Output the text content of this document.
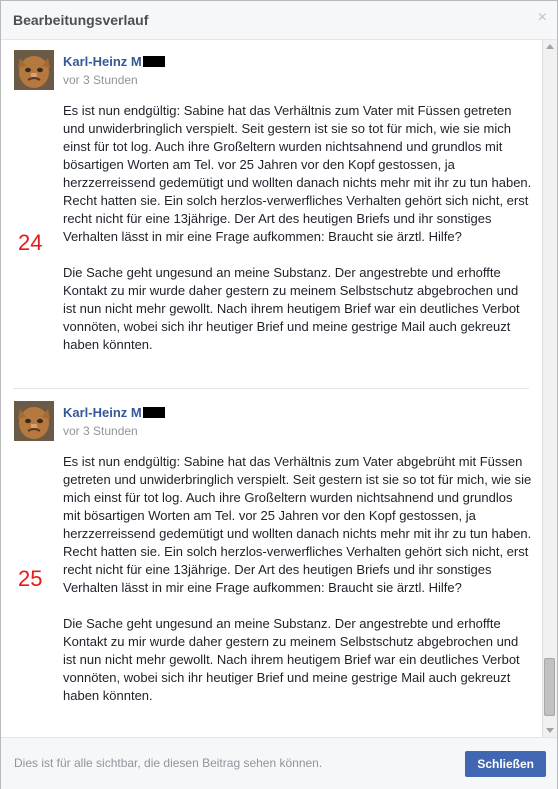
Bearbeitungsverlauf	×
Karl-Heinz M
vor 3 Stunden
24

Es ist nun endgültig: Sabine hat das Verhältnis zum Vater mit Füssen getreten und unwiderbringlich verspielt. Seit gestern ist sie so tot für mich, wie sie mich einst für tot log. Auch ihre Großeltern wurden nichtsahnend und grundlos mit bösartigen Worten am Tel. vor 25 Jahren vor den Kopf gestossen, ja herzzerreissend gedemütigt und wollten danach nichts mehr mit ihr zu tun haben. Recht hatten sie. Ein solch herzlos-verwerfliches Verhalten gehört sich nicht, erst recht nicht für eine 13jährige. Der Art des heutigen Briefs und ihr sonstiges Verhalten lässt in mir eine Frage aufkommen: Braucht sie ärztl. Hilfe?

Die Sache geht ungesund an meine Substanz. Der angestrebte und erhoffte Kontakt zu mir wurde daher gestern zu meinem Selbstschutz abgebrochen und ist nun nicht mehr gewollt. Nach ihrem heutigem Brief war ein deutliches Verbot vonnöten, wobei sich ihr heutiger Brief und meine gestrige Mail auch gekreuzt haben könnten.

Karl-Heinz M
vor 3 Stunden
25

Es ist nun endgültig: Sabine hat das Verhältnis zum Vater abgebrüht mit Füssen getreten und unwiderbringlich verspielt. Seit gestern ist sie so tot für mich, wie sie mich einst für tot log. Auch ihre Großeltern wurden nichtsahnend und grundlos mit bösartigen Worten am Tel. vor 25 Jahren vor den Kopf gestossen, ja herzzerreissend gedemütigt und wollten danach nichts mehr mit ihr zu tun haben. Recht hatten sie. Ein solch herzlos-verwerfliches Verhalten gehört sich nicht, erst recht nicht für eine 13jährige. Der Art des heutigen Briefs und ihr sonstiges Verhalten lässt in mir eine Frage aufkommen: Braucht sie ärztl. Hilfe?

Die Sache geht ungesund an meine Substanz. Der angestrebte und erhoffte Kontakt zu mir wurde daher gestern zu meinem Selbstschutz abgebrochen und ist nun nicht mehr gewollt. Nach ihrem heutigem Brief war ein deutliches Verbot vonnöten, wobei sich ihr heutiger Brief und meine gestrige Mail auch gekreuzt haben könnten.

Dies ist für alle sichtbar, die diesen Beitrag sehen können.	Schließen
